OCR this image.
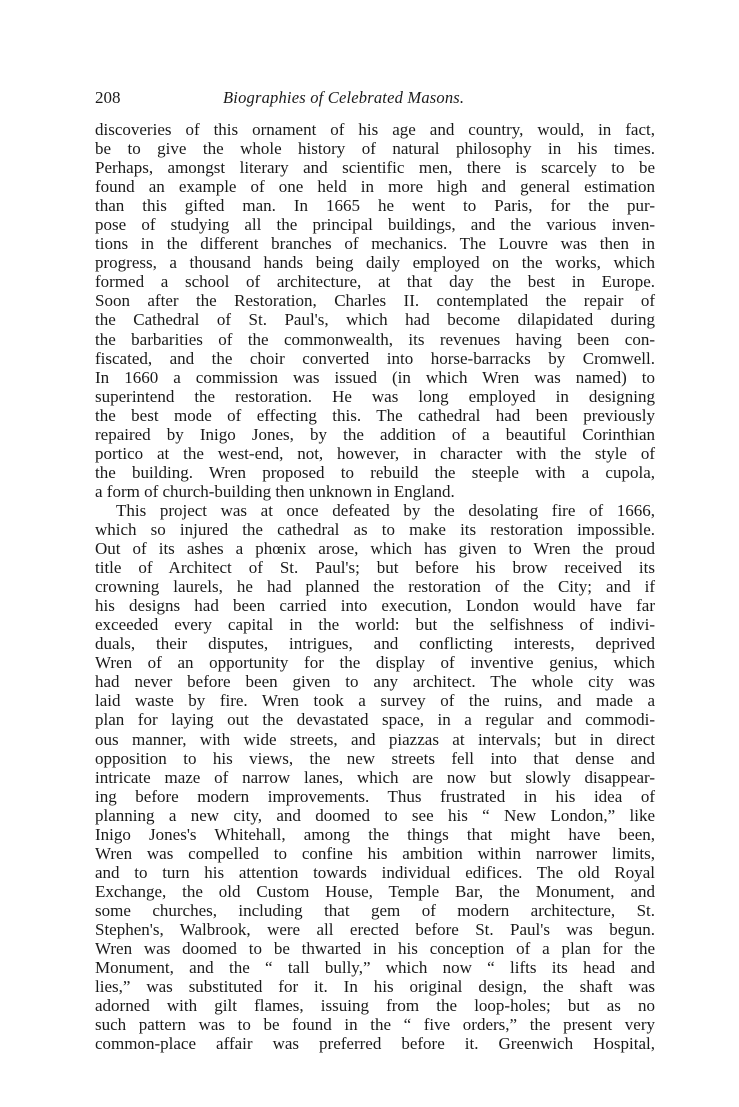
208	Biographies of Celebrated Masons.
discoveries of this ornament of his age and country, would, in fact,
be to give the whole history of natural philosophy in his times.
Perhaps, amongst literary and scientific men, there is scarcely to be
found an example of one held in more high and general estimation
than this gifted man. In 1665 he went to Paris, for the pur-
pose of studying all the principal buildings, and the various inven-
tions in the different branches of mechanics. The Louvre was then in
progress, a thousand hands being daily employed on the works, which
formed a school of architecture, at that day the best in Europe.
Soon after the Restoration, Charles II. contemplated the repair of
the Cathedral of St. Paul's, which had become dilapidated during
the barbarities of the commonwealth, its revenues having been con-
fiscated, and the choir converted into horse-barracks by Cromwell.
In 1660 a commission was issued (in which Wren was named) to
superintend the restoration. He was long employed in designing
the best mode of effecting this. The cathedral had been previously
repaired by Inigo Jones, by the addition of a beautiful Corinthian
portico at the west-end, not, however, in character with the style of
the building. Wren proposed to rebuild the steeple with a cupola,
a form of church-building then unknown in England.
This project was at once defeated by the desolating fire of 1666,
which so injured the cathedral as to make its restoration impossible.
Out of its ashes a phœnix arose, which has given to Wren the proud
title of Architect of St. Paul's; but before his brow received its
crowning laurels, he had planned the restoration of the City; and if
his designs had been carried into execution, London would have far
exceeded every capital in the world: but the selfishness of indivi-
duals, their disputes, intrigues, and conflicting interests, deprived
Wren of an opportunity for the display of inventive genius, which
had never before been given to any architect. The whole city was
laid waste by fire. Wren took a survey of the ruins, and made a
plan for laying out the devastated space, in a regular and commodi-
ous manner, with wide streets, and piazzas at intervals; but in direct
opposition to his views, the new streets fell into that dense and
intricate maze of narrow lanes, which are now but slowly disappear-
ing before modern improvements. Thus frustrated in his idea of
planning a new city, and doomed to see his “ New London,” like
Inigo Jones's Whitehall, among the things that might have been,
Wren was compelled to confine his ambition within narrower limits,
and to turn his attention towards individual edifices. The old Royal
Exchange, the old Custom House, Temple Bar, the Monument, and
some churches, including that gem of modern architecture, St.
Stephen's, Walbrook, were all erected before St. Paul's was begun.
Wren was doomed to be thwarted in his conception of a plan for the
Monument, and the “ tall bully,” which now “ lifts its head and
lies,” was substituted for it. In his original design, the shaft was
adorned with gilt flames, issuing from the loop-holes; but as no
such pattern was to be found in the “ five orders,” the present very
common-place affair was preferred before it. Greenwich Hospital,
